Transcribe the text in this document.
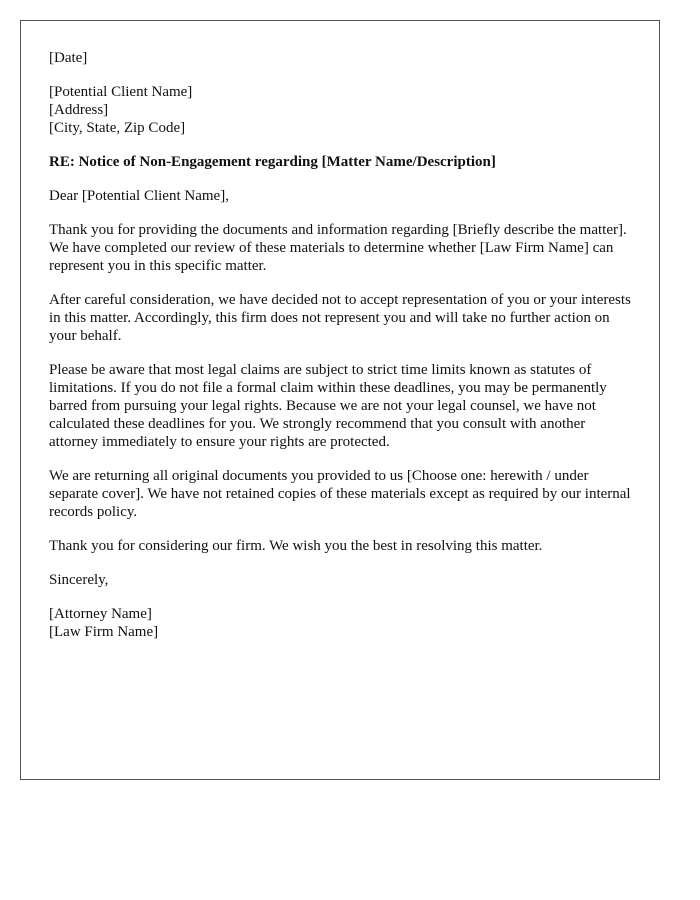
[Date]

[Potential Client Name]
[Address]
[City, State, Zip Code]

RE: Notice of Non-Engagement regarding [Matter Name/Description]

Dear [Potential Client Name],

Thank you for providing the documents and information regarding [Briefly describe the matter]. We have completed our review of these materials to determine whether [Law Firm Name] can represent you in this specific matter.

After careful consideration, we have decided not to accept representation of you or your interests in this matter. Accordingly, this firm does not represent you and will take no further action on your behalf.

Please be aware that most legal claims are subject to strict time limits known as statutes of limitations. If you do not file a formal claim within these deadlines, you may be permanently barred from pursuing your legal rights. Because we are not your legal counsel, we have not calculated these deadlines for you. We strongly recommend that you consult with another attorney immediately to ensure your rights are protected.

We are returning all original documents you provided to us [Choose one: herewith / under separate cover]. We have not retained copies of these materials except as required by our internal records policy.

Thank you for considering our firm. We wish you the best in resolving this matter.

Sincerely,

[Attorney Name]
[Law Firm Name]
